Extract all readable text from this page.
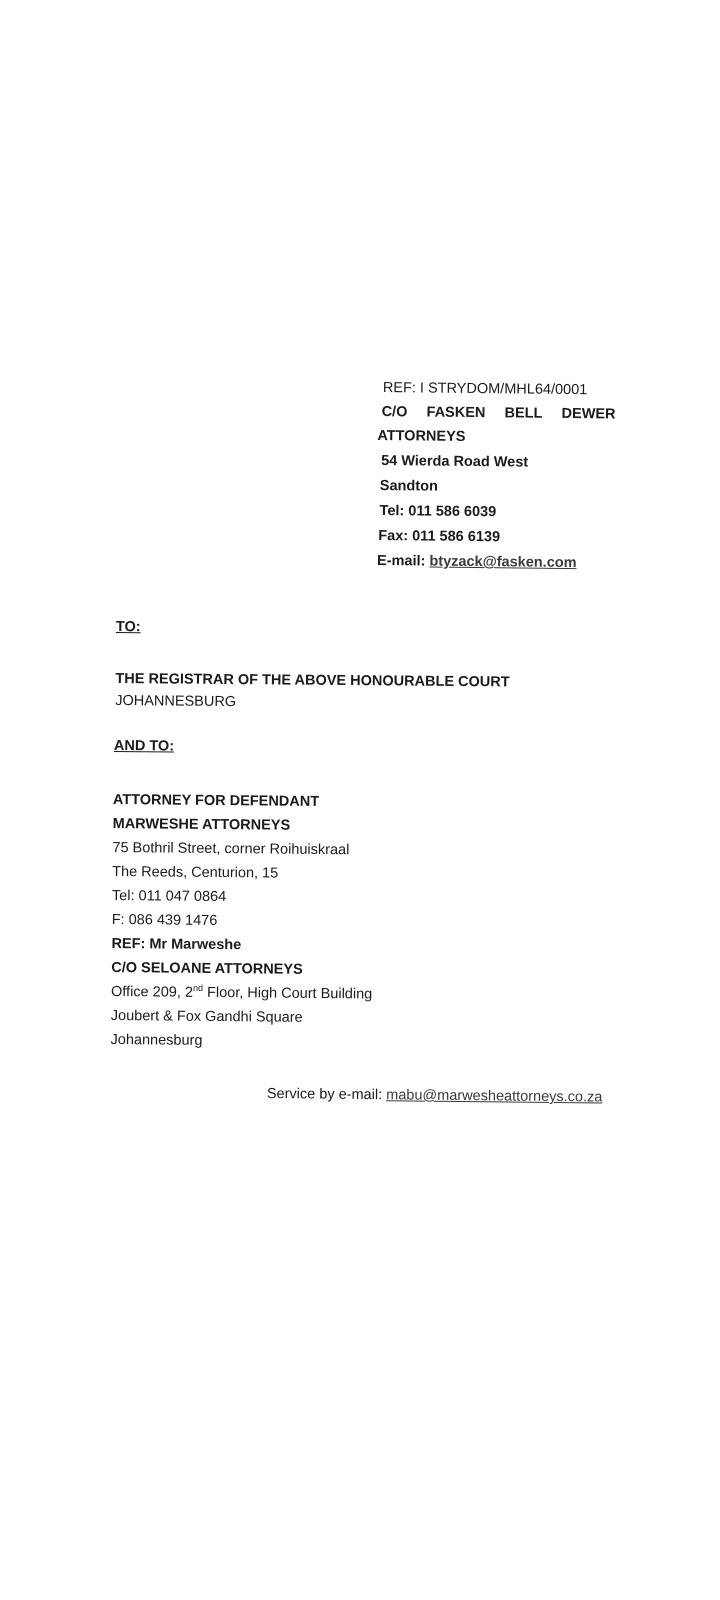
REF: I STRYDOM/MHL64/0001
C/O FASKEN BELL DEWER
ATTORNEYS
54 Wierda Road West
Sandton
Tel: 011 586 6039
Fax: 011 586 6139
E-mail: btyzack@fasken.com
TO:
THE REGISTRAR OF THE ABOVE HONOURABLE COURT
JOHANNESBURG
AND TO:
ATTORNEY FOR DEFENDANT
MARWESHE ATTORNEYS
75 Bothril Street, corner Roihuiskraal
The Reeds, Centurion, 15
Tel: 011 047 0864
F: 086 439 1476
REF: Mr Marweshe
C/O SELOANE ATTORNEYS
Office 209, 2nd Floor, High Court Building
Joubert & Fox Gandhi Square
Johannesburg
Service by e-mail: mabu@marwesheattorneys.co.za
